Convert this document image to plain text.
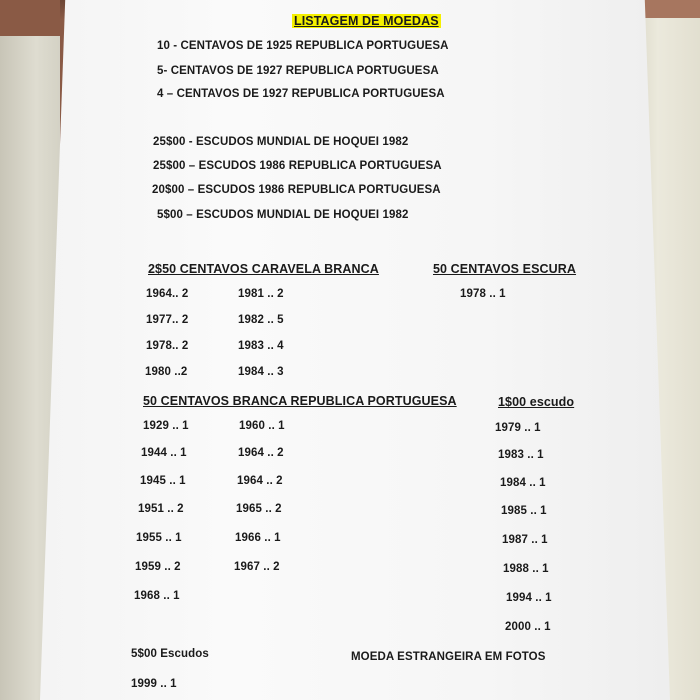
LISTAGEM DE MOEDAS
10 - CENTAVOS DE 1925 REPUBLICA PORTUGUESA
5- CENTAVOS DE 1927 REPUBLICA PORTUGUESA
4 – CENTAVOS DE 1927 REPUBLICA PORTUGUESA
25$00 - ESCUDOS MUNDIAL DE HOQUEI 1982
25$00 – ESCUDOS 1986 REPUBLICA PORTUGUESA
20$00 – ESCUDOS 1986 REPUBLICA PORTUGUESA
5$00 – ESCUDOS MUNDIAL DE HOQUEI 1982
2$50 CENTAVOS CARAVELA BRANCA
1964.. 2
1977.. 2
1978.. 2
1980 ..2
1981 .. 2
1982 .. 5
1983 .. 4
1984 .. 3
50 CENTAVOS ESCURA
1978 .. 1
50 CENTAVOS BRANCA REPUBLICA PORTUGUESA
1929 .. 1
1944 .. 1
1945 .. 1
1951 .. 2
1955 .. 1
1959 .. 2
1968 .. 1
1960 .. 1
1964 .. 2
1964 .. 2
1965 .. 2
1966 .. 1
1967 .. 2
1$00 escudo
1979 .. 1
1983 .. 1
1984 .. 1
1985 .. 1
1987 .. 1
1988 .. 1
1994 .. 1
2000 .. 1
5$00 Escudos
1999 .. 1
MOEDA ESTRANGEIRA EM FOTOS
